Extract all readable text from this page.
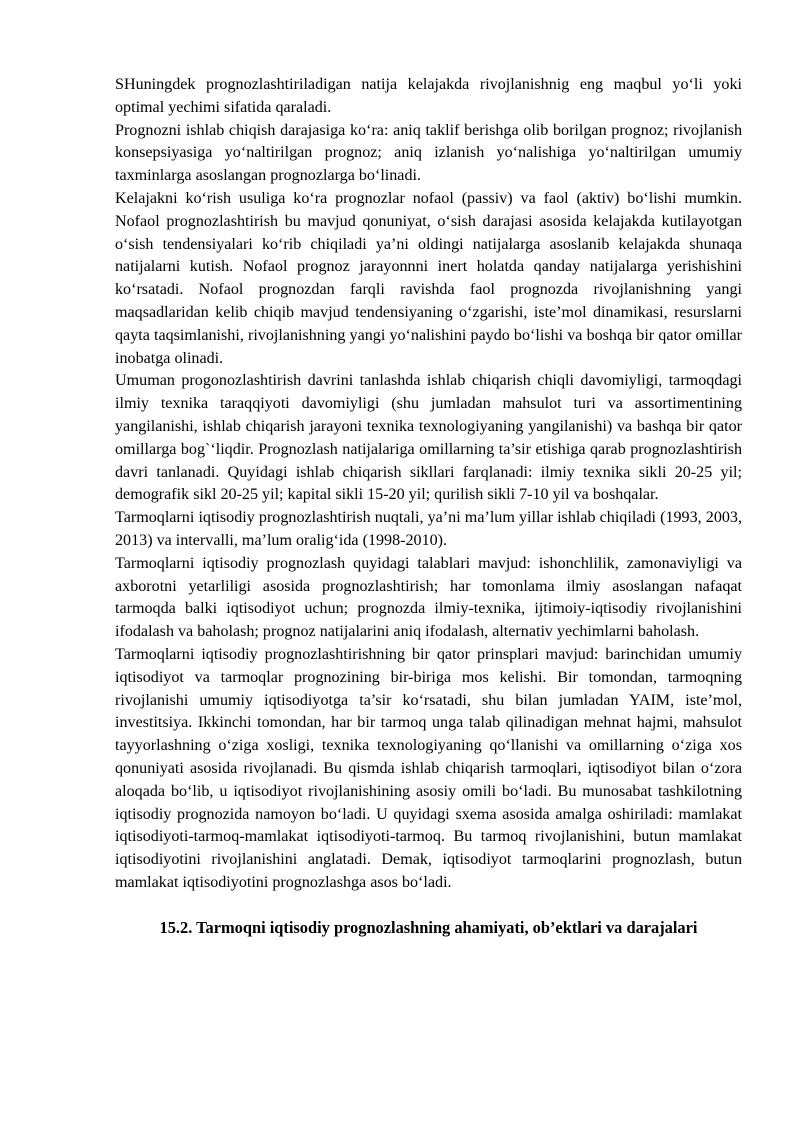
SHuningdek prognozlashtiriladigan natija kelajakda rivojlanishnig eng maqbul yo‘li yoki optimal yechimi sifatida qaraladi.

Prognozni ishlab chiqish darajasiga ko‘ra: aniq taklif berishga olib borilgan prognoz; rivojlanish konsepsiyasiga yo‘naltirilgan prognoz; aniq izlanish yo‘nalishiga yo‘naltirilgan umumiy taxminlarga asoslangan prognozlarga bo‘linadi.

Kelajakni ko‘rish usuliga ko‘ra prognozlar nofaol (passiv) va faol (aktiv) bo‘lishi mumkin. Nofaol prognozlashtirish bu mavjud qonuniyat, o‘sish darajasi asosida kelajakda kutilayotgan o‘sish tendensiyalari ko‘rib chiqiladi ya’ni oldingi natijalarga asoslanib kelajakda shunaqa natijalarni kutish. Nofaol prognoz jarayonnni inert holatda qanday natijalarga yerishishini ko‘rsatadi. Nofaol prognozdan farqli ravishda faol prognozda rivojlanishning yangi maqsadlaridan kelib chiqib mavjud tendensiyaning o‘zgarishi, iste’mol dinamikasi, resurslarni qayta taqsimlanishi, rivojlanishning yangi yo‘nalishini paydo bo‘lishi va boshqa bir qator omillar inobatga olinadi.

Umuman progonozlashtirish davrini tanlashda ishlab chiqarish chiqli davomiyligi, tarmoqdagi ilmiy texnika taraqqiyoti davomiyligi (shu jumladan mahsulot turi va assortimentining yangilanishi, ishlab chiqarish jarayoni texnika texnologiyaning yangilanishi) va bashqa bir qator omillarga bog`‘liqdir. Prognozlash natijalariga omillarning ta’sir etishiga qarab prognozlashtirish davri tanlanadi. Quyidagi ishlab chiqarish sikllari farqlanadi: ilmiy texnika sikli 20-25 yil; demografik sikl 20-25 yil; kapital sikli 15-20 yil; qurilish sikli 7-10 yil va boshqalar.

Tarmoqlarni iqtisodiy prognozlashtirish nuqtali, ya’ni ma’lum yillar ishlab chiqiladi (1993, 2003, 2013) va intervalli, ma’lum oralig‘ida (1998-2010).

Tarmoqlarni iqtisodiy prognozlash quyidagi talablari mavjud: ishonchlilik, zamonaviyligi va axborotni yetarliligi asosida prognozlashtirish; har tomonlama ilmiy asoslangan nafaqat tarmoqda balki iqtisodiyot uchun; prognozda ilmiy-texnika, ijtimoiy-iqtisodiy rivojlanishini ifodalash va baholash; prognoz natijalarini aniq ifodalash, alternativ yechimlarni baholash.

Tarmoqlarni iqtisodiy prognozlashtirishning bir qator prinsplari mavjud: barinchidan umumiy iqtisodiyot va tarmoqlar prognozining bir-biriga mos kelishi. Bir tomondan, tarmoqning rivojlanishi umumiy iqtisodiyotga ta’sir ko‘rsatadi, shu bilan jumladan YAIM, iste’mol, investitsiya. Ikkinchi tomondan, har bir tarmoq unga talab qilinadigan mehnat hajmi, mahsulot tayyorlashning o‘ziga xosligi, texnika texnologiyaning qo‘llanishi va omillarning o‘ziga xos qonuniyati asosida rivojlanadi. Bu qismda ishlab chiqarish tarmoqlari, iqtisodiyot bilan o‘zora aloqada bo‘lib, u iqtisodiyot rivojlanishining asosiy omili bo‘ladi. Bu munosabat tashkilotning iqtisodiy prognozida namoyon bo‘ladi. U quyidagi sxema asosida amalga oshiriladi: mamlakat iqtisodiyoti-tarmoq-mamlakat iqtisodiyoti-tarmoq. Bu tarmoq rivojlanishini, butun mamlakat iqtisodiyotini rivojlanishini anglatadi. Demak, iqtisodiyot tarmoqlarini prognozlash, butun mamlakat iqtisodiyotini prognozlashga asos bo‘ladi.

15.2. Tarmoqni iqtisodiy prognozlashning ahamiyati, ob’ektlari va darajalari
